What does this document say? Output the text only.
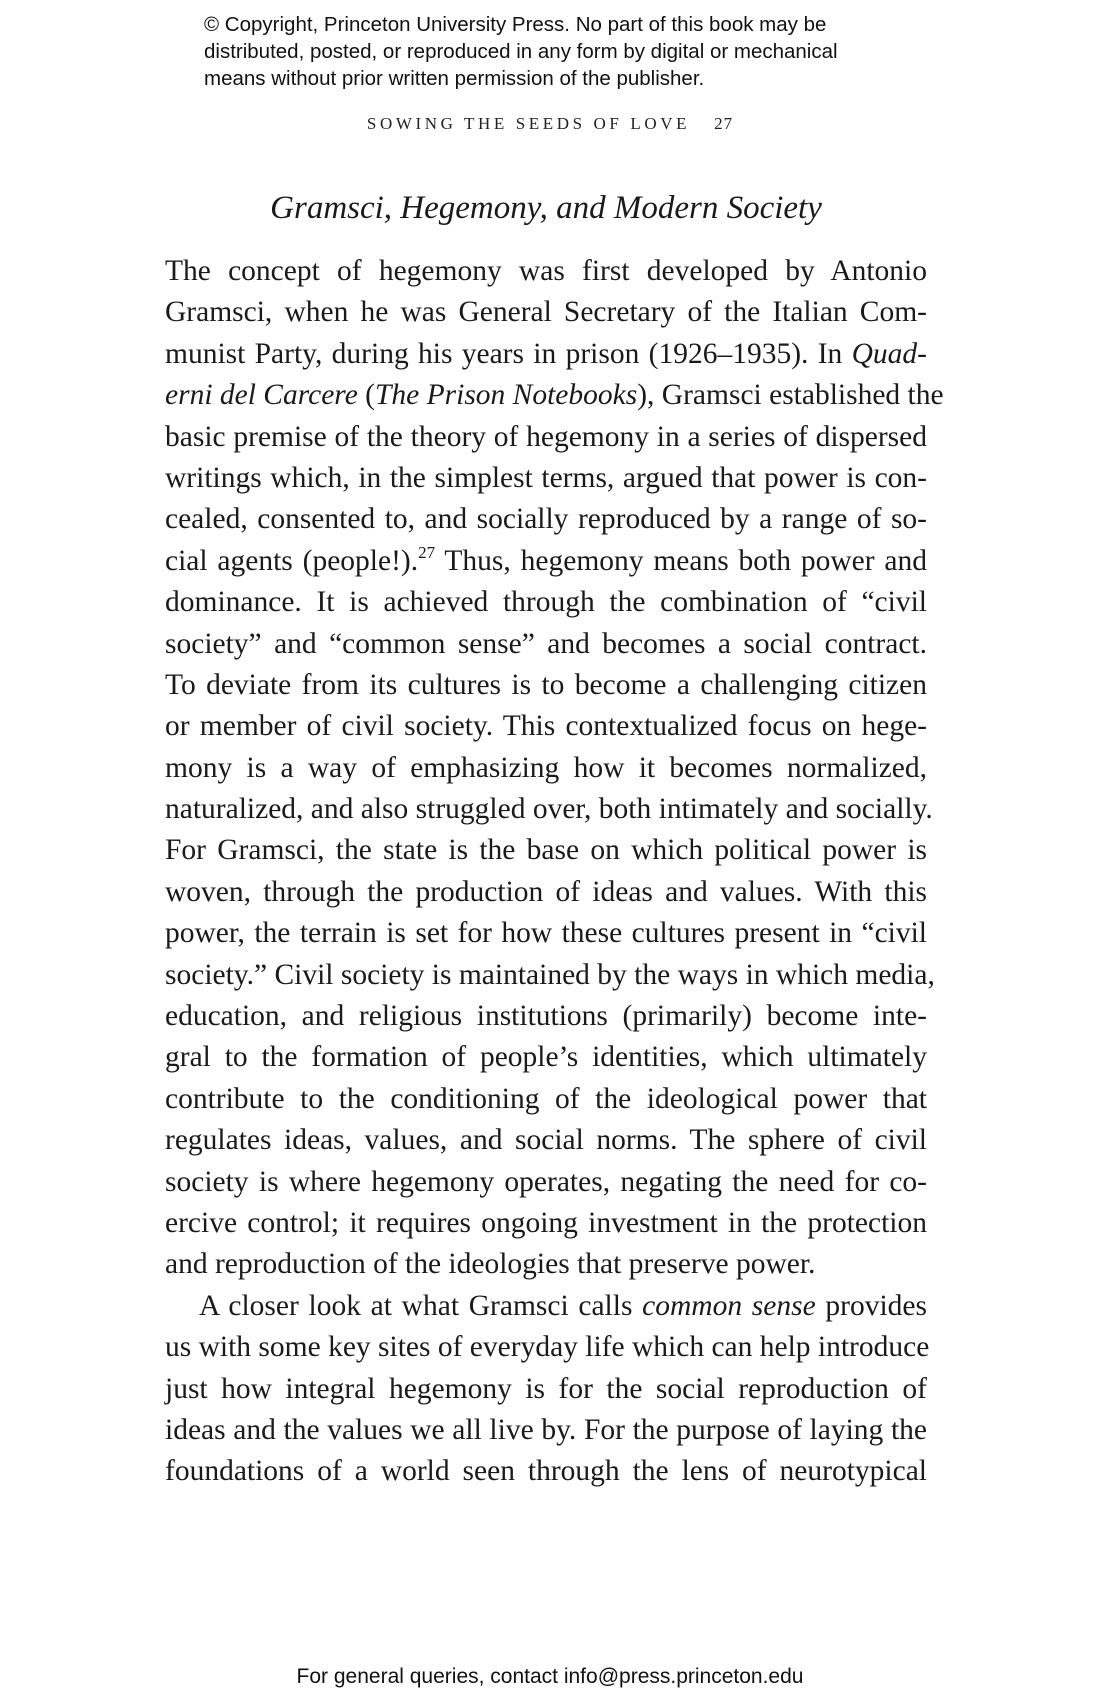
© Copyright, Princeton University Press. No part of this book may be
distributed, posted, or reproduced in any form by digital or mechanical
means without prior written permission of the publisher.
SOWING THE SEEDS OF LOVE 27
Gramsci, Hegemony, and Modern Society
The concept of hegemony was first developed by Antonio
Gramsci, when he was General Secretary of the Italian Com-
munist Party, during his years in prison (1926–1935). In Quad-
erni del Carcere (The Prison Notebooks), Gramsci established the
basic premise of the theory of hegemony in a series of dispersed
writings which, in the simplest terms, argued that power is con-
cealed, consented to, and socially reproduced by a range of so-
cial agents (people!).$^{27}$ Thus, hegemony means both power and
dominance. It is achieved through the combination of “civil
society” and “common sense” and becomes a social contract.
To deviate from its cultures is to become a challenging citizen
or member of civil society. This contextualized focus on hege-
mony is a way of emphasizing how it becomes normalized,
naturalized, and also struggled over, both intimately and socially.
For Gramsci, the state is the base on which political power is
woven, through the production of ideas and values. With this
power, the terrain is set for how these cultures present in “civil
society.” Civil society is maintained by the ways in which media,
education, and religious institutions (primarily) become inte-
gral to the formation of people’s identities, which ultimately
contribute to the conditioning of the ideological power that
regulates ideas, values, and social norms. The sphere of civil
society is where hegemony operates, negating the need for co-
ercive control; it requires ongoing investment in the protection
and reproduction of the ideologies that preserve power.
A closer look at what Gramsci calls common sense provides
us with some key sites of everyday life which can help introduce
just how integral hegemony is for the social reproduction of
ideas and the values we all live by. For the purpose of laying the
foundations of a world seen through the lens of neurotypical
For general queries, contact info@press.princeton.edu
